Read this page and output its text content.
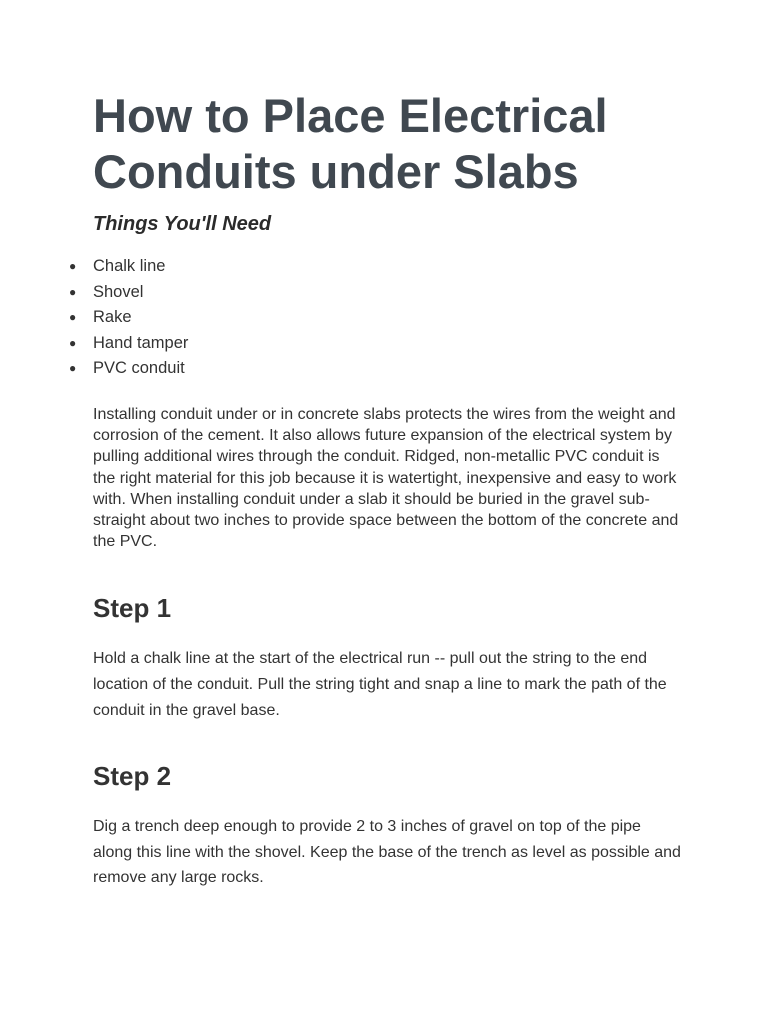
How to Place Electrical Conduits under Slabs
Things You'll Need
● Chalk line
● Shovel
● Rake
● Hand tamper
● PVC conduit

Installing conduit under or in concrete slabs protects the wires from the weight and corrosion of the cement. It also allows future expansion of the electrical system by pulling additional wires through the conduit. Ridged, non-metallic PVC conduit is the right material for this job because it is watertight, inexpensive and easy to work with. When installing conduit under a slab it should be buried in the gravel sub-straight about two inches to provide space between the bottom of the concrete and the PVC.

Step 1

Hold a chalk line at the start of the electrical run -- pull out the string to the end location of the conduit. Pull the string tight and snap a line to mark the path of the conduit in the gravel base.

Step 2

Dig a trench deep enough to provide 2 to 3 inches of gravel on top of the pipe along this line with the shovel. Keep the base of the trench as level as possible and remove any large rocks.
